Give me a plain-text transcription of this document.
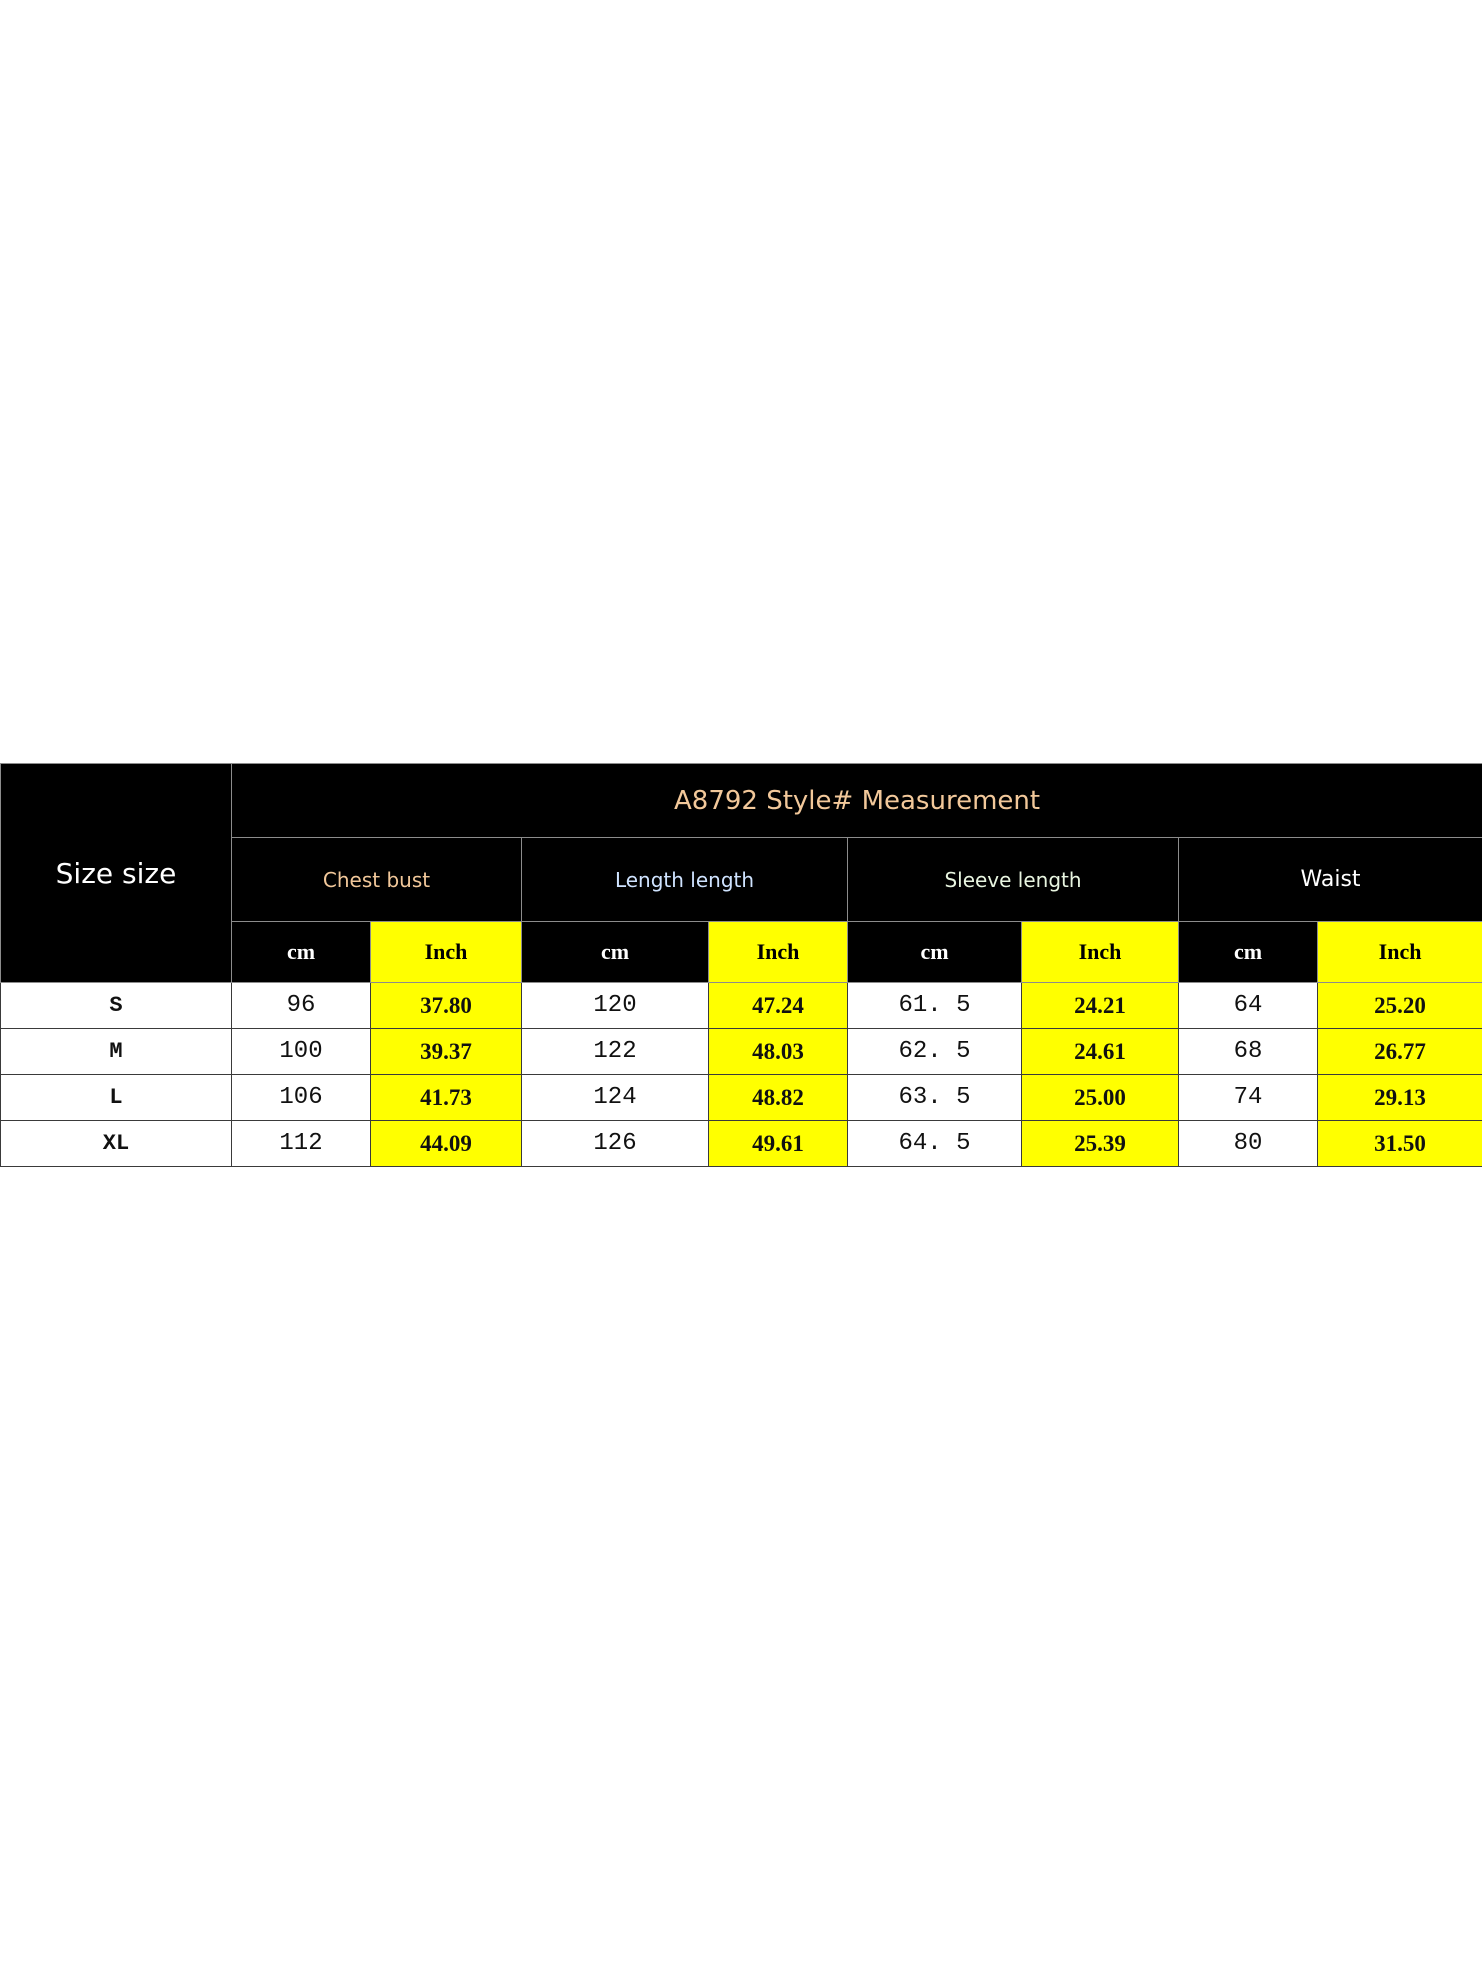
Size size	A8792 Style# Measurement							
	Chest bust		Length length		Sleeve length		Waist	
	cm	Inch	cm	Inch	cm	Inch	cm	Inch
S	96	37.80	120	47.24	61. 5	24.21	64	25.20
M	100	39.37	122	48.03	62. 5	24.61	68	26.77
L	106	41.73	124	48.82	63. 5	25.00	74	29.13
XL	112	44.09	126	49.61	64. 5	25.39	80	31.50
